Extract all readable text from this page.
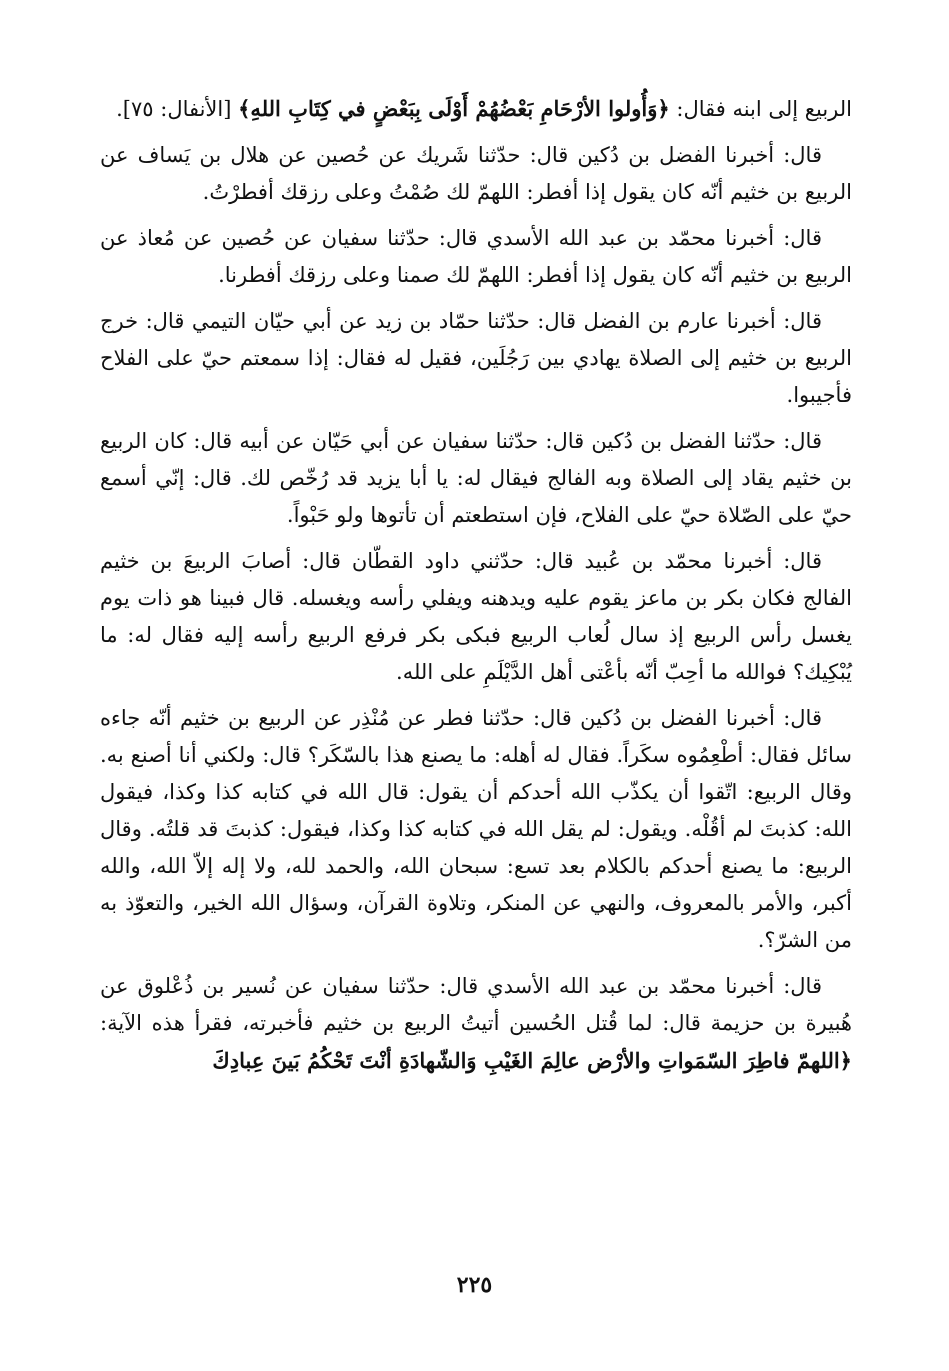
الربيع إلى ابنه فقال: ﴿وَأُولوا الأرْحَامِ بَعْضُهُمْ أَوْلَى بِبَعْضٍ في كِتَابِ اللهِ﴾ [الأنفال: ٧٥].

قال: أخبرنا الفضل بن دُكين قال: حدّثنا شَريك عن حُصين عن هلال بن يَساف عن الربيع بن خثيم أنّه كان يقول إذا أفطر: اللهمّ لك صُمْتُ وعلى رزقك أفطرْتُ.

قال: أخبرنا محمّد بن عبد الله الأسدي قال: حدّثنا سفيان عن حُصين عن مُعاذ عن الربيع بن خثيم أنّه كان يقول إذا أفطر: اللهمّ لك صمنا وعلى رزقك أفطرنا.

قال: أخبرنا عارم بن الفضل قال: حدّثنا حمّاد بن زيد عن أبي حيّان التيمي قال: خرج الربيع بن خثيم إلى الصلاة يهادي بين رَجُلَين، فقيل له فقال: إذا سمعتم حيّ على الفلاح فأجيبوا.

قال: حدّثنا الفضل بن دُكين قال: حدّثنا سفيان عن أبي حَيّان عن أبيه قال: كان الربيع بن خثيم يقاد إلى الصلاة وبه الفالج فيقال له: يا أبا يزيد قد رُخّص لك. قال: إنّي أسمع حيّ على الصّلاة حيّ على الفلاح، فإن استطعتم أن تأتوها ولو حَبْواً.

قال: أخبرنا محمّد بن عُبيد قال: حدّثني داود القطّان قال: أصابَ الربيعَ بن خثيم الفالج فكان بكر بن ماعز يقوم عليه ويدهنه ويفلي رأسه ويغسله. قال فبينا هو ذات يوم يغسل رأس الربيع إذ سال لُعاب الربيع فبكى بكر فرفع الربيع رأسه إليه فقال له: ما يُبْكِيك؟ فوالله ما أحِبّ أنّه بأعْتى أهل الدَّيْلَمِ على الله.

قال: أخبرنا الفضل بن دُكين قال: حدّثنا فطر عن مُنْذِر عن الربيع بن خثيم أنّه جاءه سائل فقال: أطْعِمُوه سكَراً. فقال له أهله: ما يصنع هذا بالسّكَر؟ قال: ولكني أنا أصنع به. وقال الربيع: اتّقوا أن يكذّب الله أحدكم أن يقول: قال الله في كتابه كذا وكذا، فيقول الله: كذبتَ لم أقُلْه. ويقول: لم يقل الله في كتابه كذا وكذا، فيقول: كذبتَ قد قلتُه. وقال الربيع: ما يصنع أحدكم بالكلام بعد تسع: سبحان الله، والحمد لله، ولا إله إلاّ الله، والله أكبر، والأمر بالمعروف، والنهي عن المنكر، وتلاوة القرآن، وسؤال الله الخير، والتعوّذ به من الشرّ؟.

قال: أخبرنا محمّد بن عبد الله الأسدي قال: حدّثنا سفيان عن نُسير بن ذُعْلوق عن هُبيرة بن حزيمة قال: لما قُتل الحُسين أتيتُ الربيع بن خثيم فأخبرته، فقرأ هذه الآية: ﴿اللهمّ فاطِرَ السّمَواتِ والأرْض عالِمَ الغَيْبِ وَالشّهادَةِ أنْتَ تَحْكُمُ بَينَ عِبادِكَ

٢٢٥
